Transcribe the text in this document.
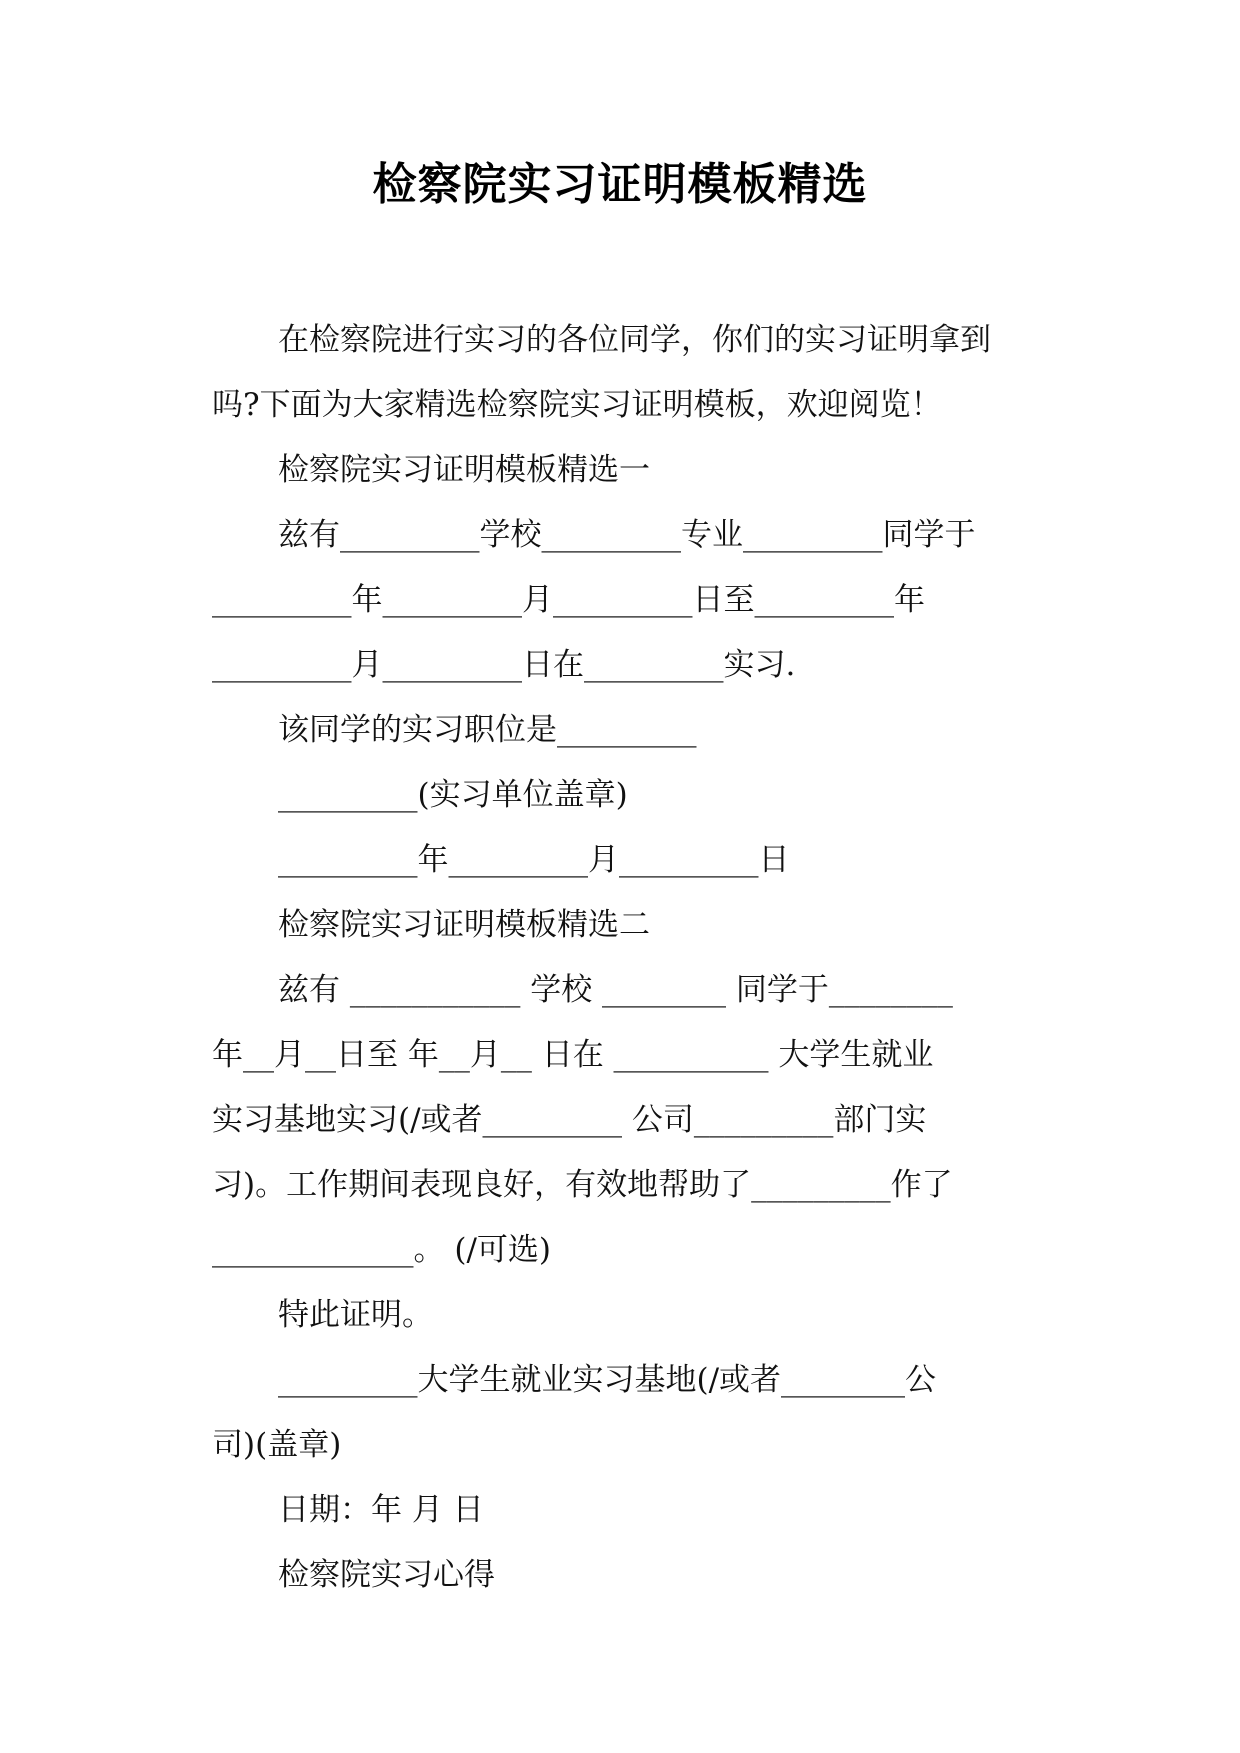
检察院实习证明模板精选
在检察院进行实习的各位同学，你们的实习证明拿到
吗?下面为大家精选检察院实习证明模板，欢迎阅览！
检察院实习证明模板精选一
兹有_________学校_________专业_________同学于
_________年_________月_________日至_________年
_________月_________日在_________实习.
该同学的实习职位是_________
_________(实习单位盖章)
_________年_________月_________日
检察院实习证明模板精选二
兹有 ___________ 学校 ________ 同学于________
年__月__日至 年__月__ 日在 __________ 大学生就业
实习基地实习(/或者_________ 公司_________部门实
习)。工作期间表现良好，有效地帮助了_________作了
_____________。 (/可选)
特此证明。
_________大学生就业实习基地(/或者________公
司)(盖章)
日期：年 月 日
检察院实习心得
